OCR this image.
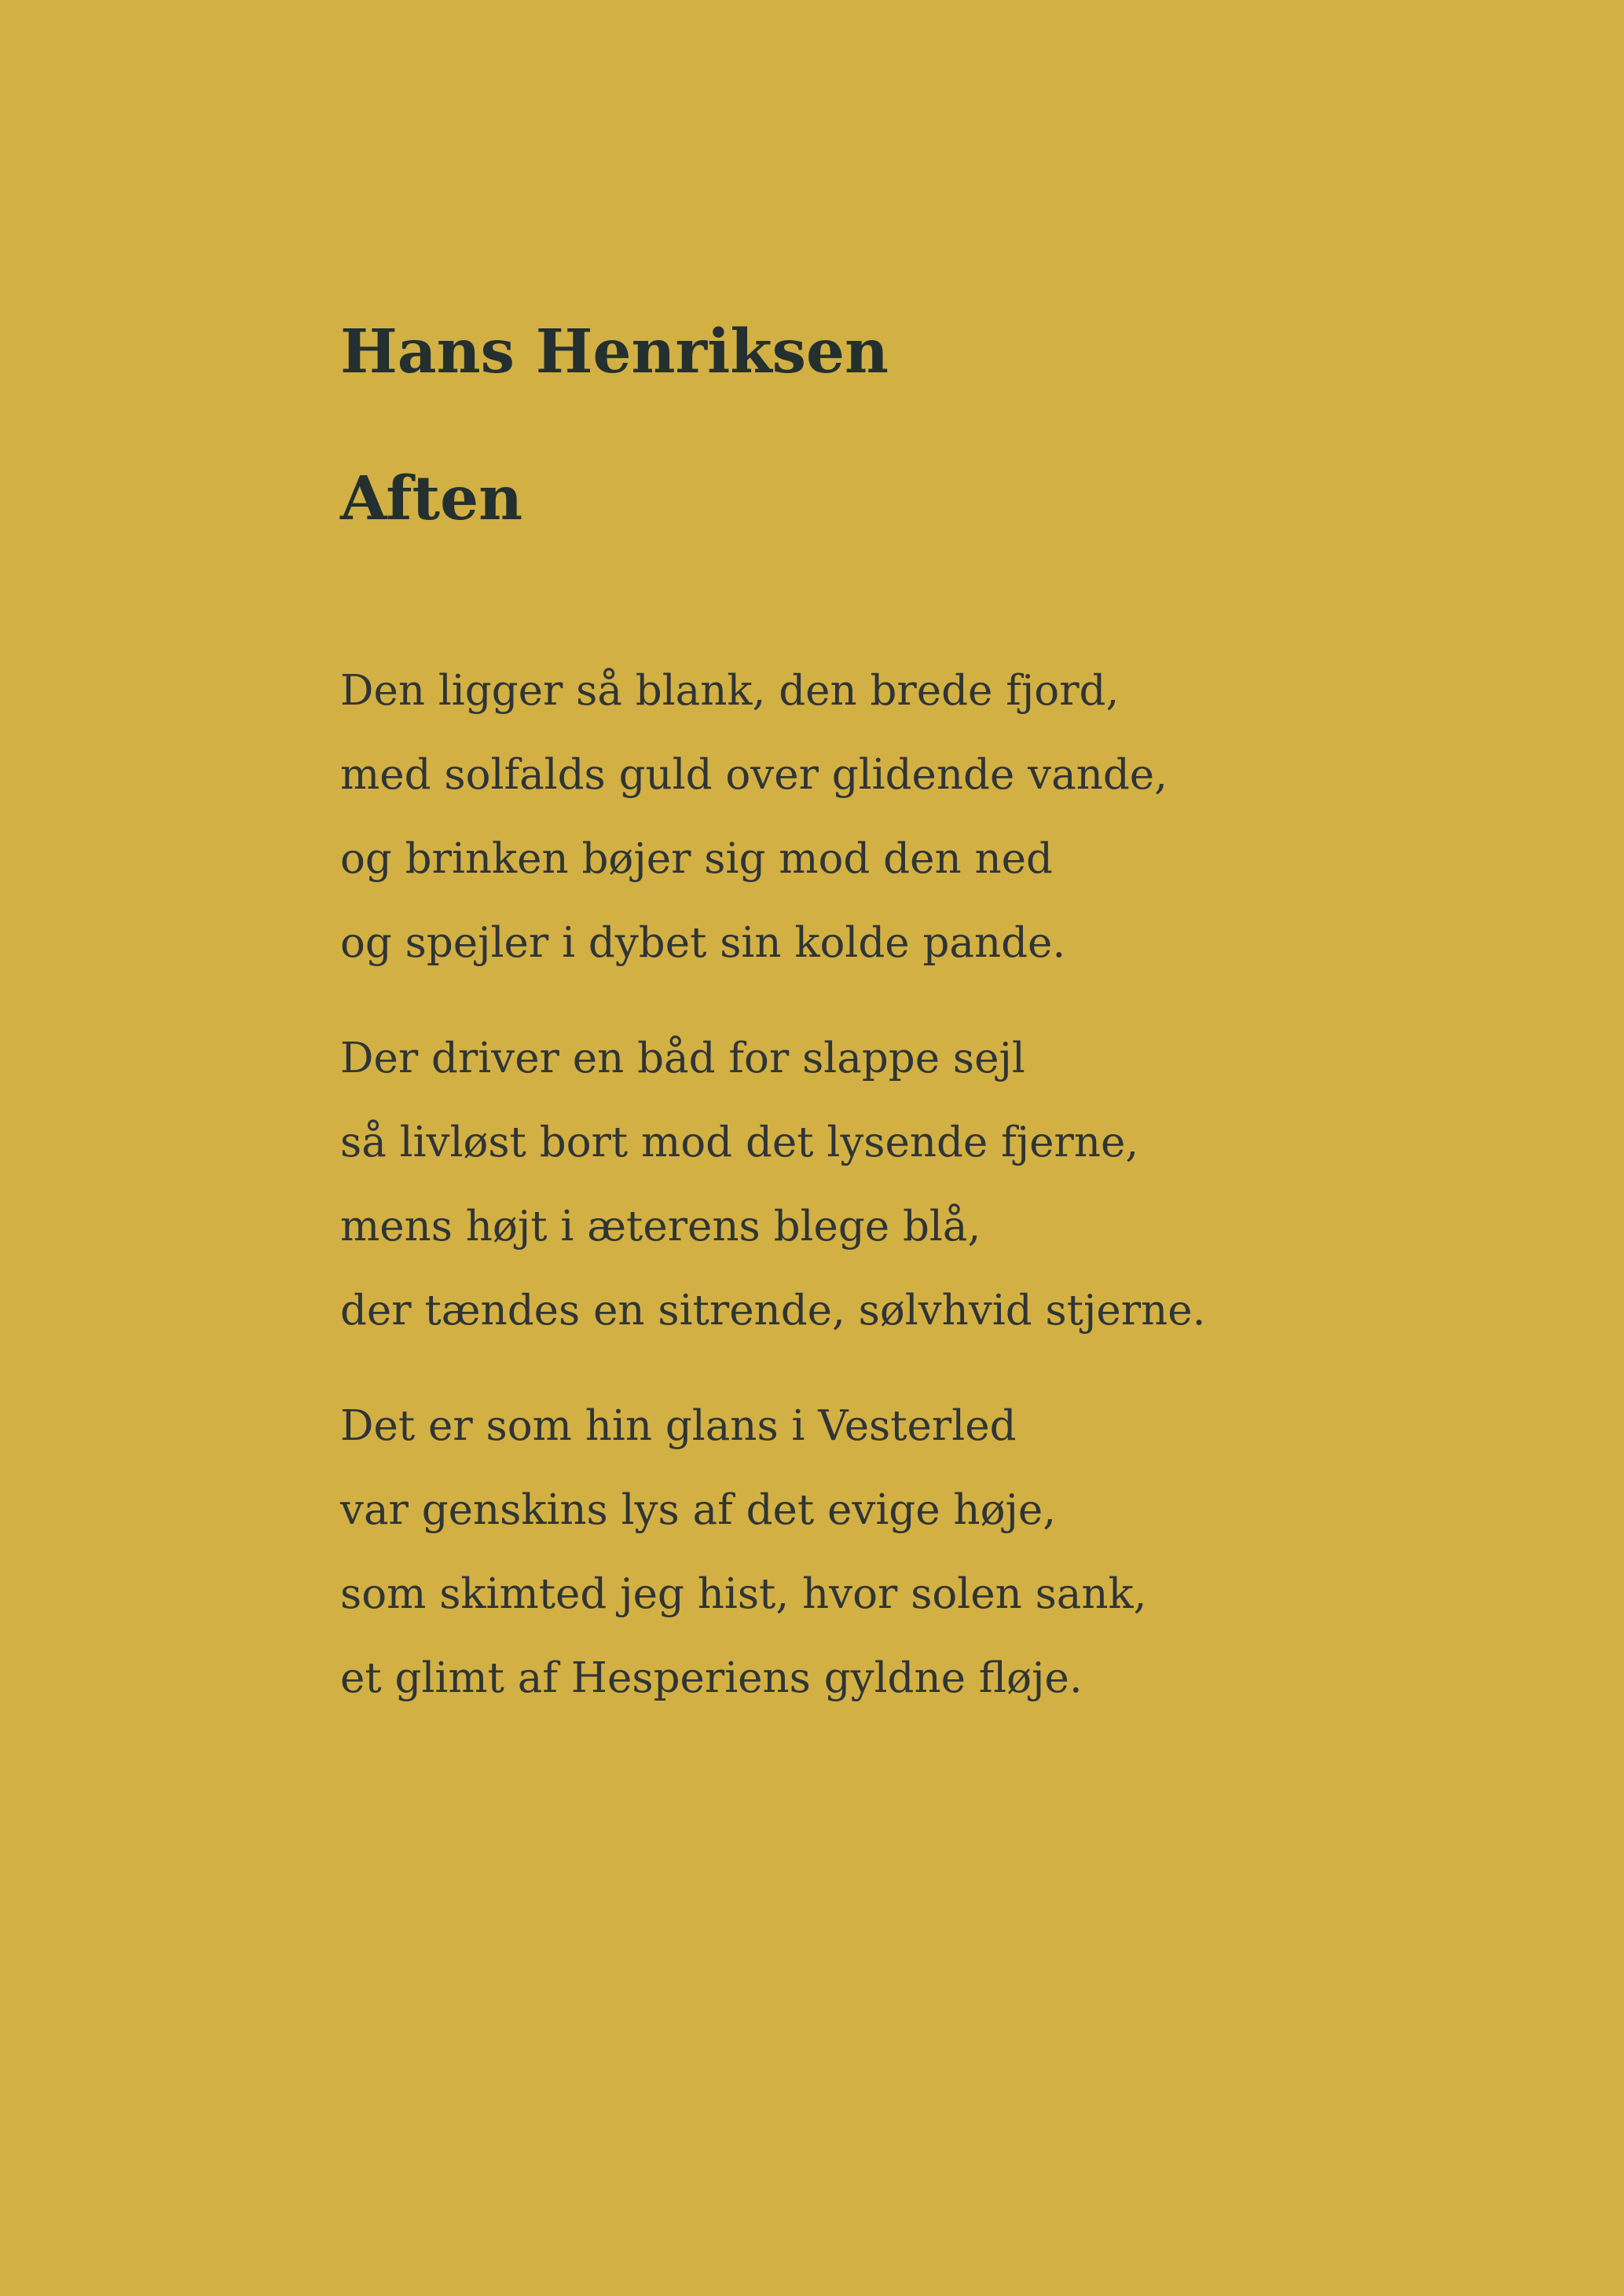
Hans Henriksen
Aften

Den ligger så blank, den brede fjord,
med solfalds guld over glidende vande,
og brinken bøjer sig mod den ned
og spejler i dybet sin kolde pande.

Der driver en båd for slappe sejl
så livløst bort mod det lysende fjerne,
mens højt i æterens blege blå,
der tændes en sitrende, sølvhvid stjerne.

Det er som hin glans i Vesterled
var genskins lys af det evige høje,
som skimted jeg hist, hvor solen sank,
et glimt af Hesperiens gyldne fløje.
